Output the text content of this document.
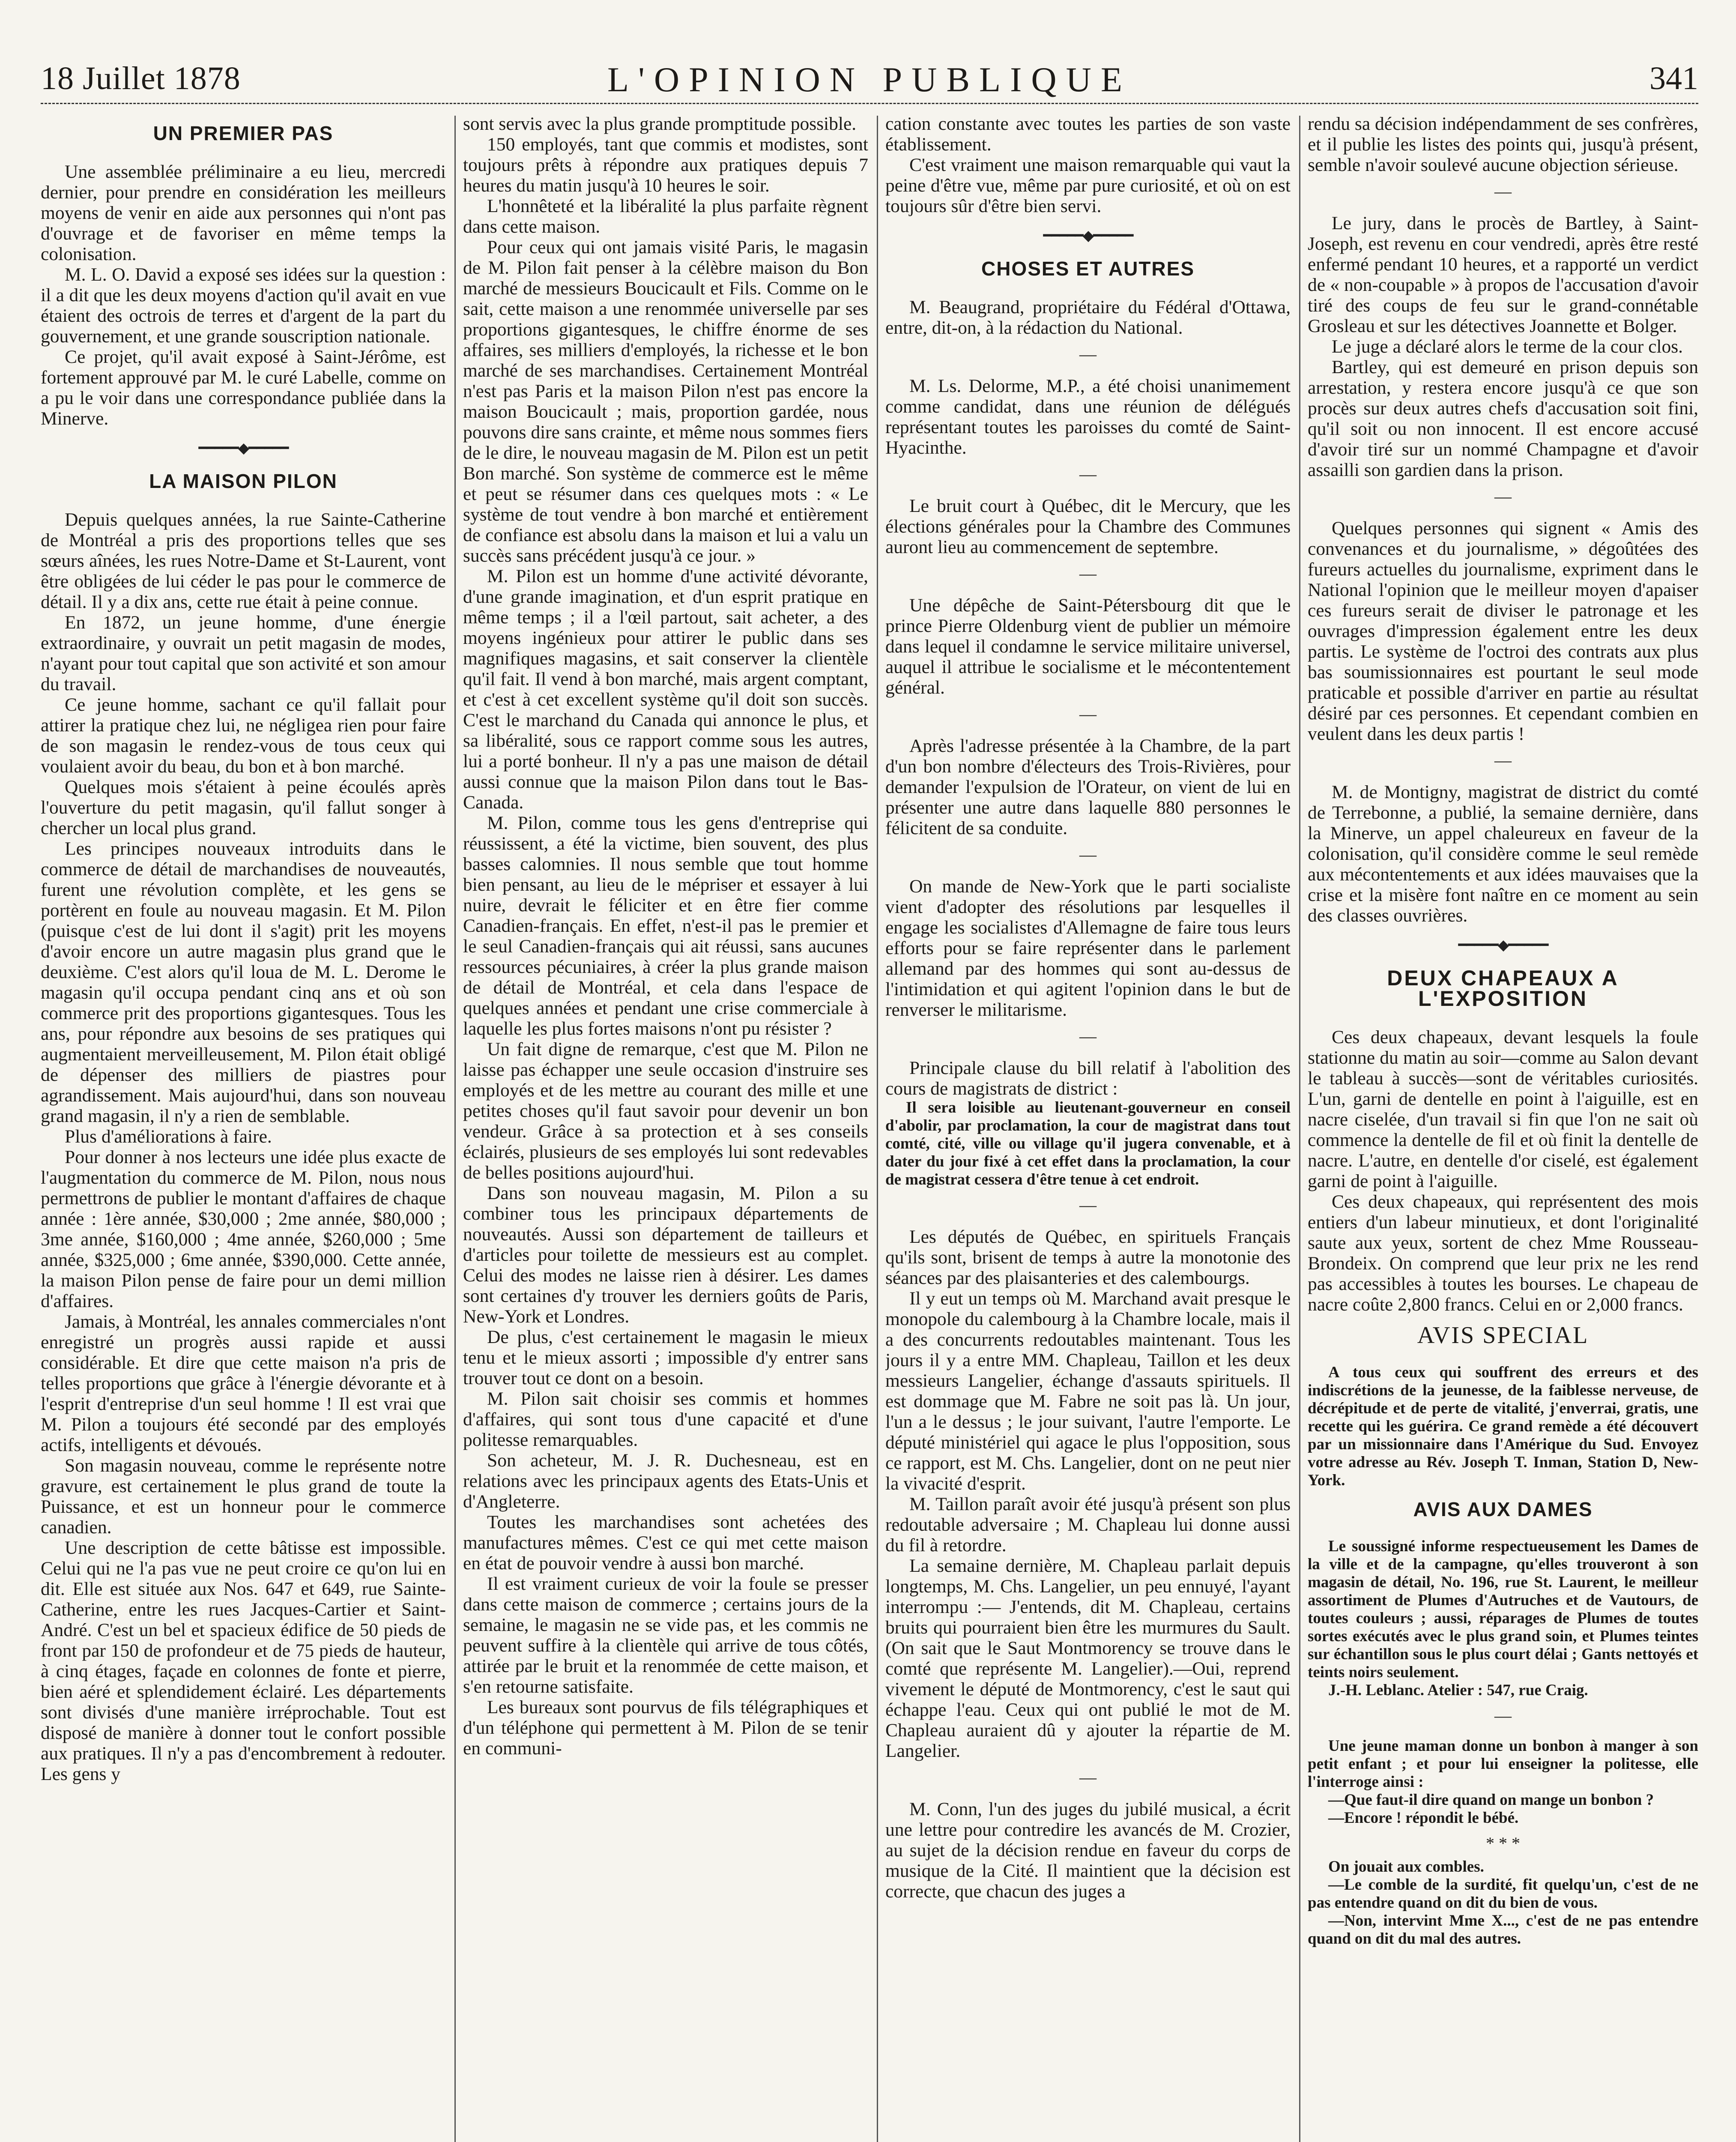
18 Juillet 1878	L'OPINION PUBLIQUE	341
UN PREMIER PAS

Une assemblée préliminaire a eu lieu, mercredi dernier, pour prendre en considération les meilleurs moyens de venir en aide aux personnes qui n'ont pas d'ouvrage et de favoriser en même temps la colonisation.

M. L. O. David a exposé ses idées sur la question : il a dit que les deux moyens d'action qu'il avait en vue étaient des octrois de terres et d'argent de la part du gouvernement, et une grande souscription nationale.

Ce projet, qu'il avait exposé à Saint-Jérôme, est fortement approuvé par M. le curé Labelle, comme on a pu le voir dans une correspondance publiée dans la Minerve.

━━━━━◆━━━━━
LA MAISON PILON

Depuis quelques années, la rue Sainte-Catherine de Montréal a pris des proportions telles que ses sœurs aînées, les rues Notre-Dame et St-Laurent, vont être obligées de lui céder le pas pour le commerce de détail. Il y a dix ans, cette rue était à peine connue.

En 1872, un jeune homme, d'une énergie extraordinaire, y ouvrait un petit magasin de modes, n'ayant pour tout capital que son activité et son amour du travail.

Ce jeune homme, sachant ce qu'il fallait pour attirer la pratique chez lui, ne négligea rien pour faire de son magasin le rendez-vous de tous ceux qui voulaient avoir du beau, du bon et à bon marché.

Quelques mois s'étaient à peine écoulés après l'ouverture du petit magasin, qu'il fallut songer à chercher un local plus grand.

Les principes nouveaux introduits dans le commerce de détail de marchandises de nouveautés, furent une révolution complète, et les gens se portèrent en foule au nouveau magasin. Et M. Pilon (puisque c'est de lui dont il s'agit) prit les moyens d'avoir encore un autre magasin plus grand que le deuxième. C'est alors qu'il loua de M. L. Derome le magasin qu'il occupa pendant cinq ans et où son commerce prit des proportions gigantesques. Tous les ans, pour répondre aux besoins de ses pratiques qui augmentaient merveilleusement, M. Pilon était obligé de dépenser des milliers de piastres pour agrandissement. Mais aujourd'hui, dans son nouveau grand magasin, il n'y a rien de semblable.

Plus d'améliorations à faire.

Pour donner à nos lecteurs une idée plus exacte de l'augmentation du commerce de M. Pilon, nous nous permettrons de publier le montant d'affaires de chaque année : 1ère année, $30,000 ; 2me année, $80,000 ; 3me année, $160,000 ; 4me année, $260,000 ; 5me année, $325,000 ; 6me année, $390,000. Cette année, la maison Pilon pense de faire pour un demi million d'affaires.

Jamais, à Montréal, les annales commerciales n'ont enregistré un progrès aussi rapide et aussi considérable. Et dire que cette maison n'a pris de telles proportions que grâce à l'énergie dévorante et à l'esprit d'entreprise d'un seul homme ! Il est vrai que M. Pilon a toujours été secondé par des employés actifs, intelligents et dévoués.

Son magasin nouveau, comme le représente notre gravure, est certainement le plus grand de toute la Puissance, et est un honneur pour le commerce canadien.

Une description de cette bâtisse est impossible. Celui qui ne l'a pas vue ne peut croire ce qu'on lui en dit. Elle est située aux Nos. 647 et 649, rue Sainte-Catherine, entre les rues Jacques-Cartier et Saint-André. C'est un bel et spacieux édifice de 50 pieds de front par 150 de profondeur et de 75 pieds de hauteur, à cinq étages, façade en colonnes de fonte et pierre, bien aéré et splendidement éclairé. Les départements sont divisés d'une manière irréprochable. Tout est disposé de manière à donner tout le confort possible aux pratiques. Il n'y a pas d'encombrement à redouter. Les gens y

sont servis avec la plus grande promptitude possible.

150 employés, tant que commis et modistes, sont toujours prêts à répondre aux pratiques depuis 7 heures du matin jusqu'à 10 heures le soir.

L'honnêteté et la libéralité la plus parfaite règnent dans cette maison.

Pour ceux qui ont jamais visité Paris, le magasin de M. Pilon fait penser à la célèbre maison du Bon marché de messieurs Boucicault et Fils. Comme on le sait, cette maison a une renommée universelle par ses proportions gigantesques, le chiffre énorme de ses affaires, ses milliers d'employés, la richesse et le bon marché de ses marchandises. Certainement Montréal n'est pas Paris et la maison Pilon n'est pas encore la maison Boucicault ; mais, proportion gardée, nous pouvons dire sans crainte, et même nous sommes fiers de le dire, le nouveau magasin de M. Pilon est un petit Bon marché. Son système de commerce est le même et peut se résumer dans ces quelques mots : « Le système de tout vendre à bon marché et entièrement de confiance est absolu dans la maison et lui a valu un succès sans précédent jusqu'à ce jour. »

M. Pilon est un homme d'une activité dévorante, d'une grande imagination, et d'un esprit pratique en même temps ; il a l'œil partout, sait acheter, a des moyens ingénieux pour attirer le public dans ses magnifiques magasins, et sait conserver la clientèle qu'il fait. Il vend à bon marché, mais argent comptant, et c'est à cet excellent système qu'il doit son succès. C'est le marchand du Canada qui annonce le plus, et sa libéralité, sous ce rapport comme sous les autres, lui a porté bonheur. Il n'y a pas une maison de détail aussi connue que la maison Pilon dans tout le Bas-Canada.

M. Pilon, comme tous les gens d'entreprise qui réussissent, a été la victime, bien souvent, des plus basses calomnies. Il nous semble que tout homme bien pensant, au lieu de le mépriser et essayer à lui nuire, devrait le féliciter et en être fier comme Canadien-français. En effet, n'est-il pas le premier et le seul Canadien-français qui ait réussi, sans aucunes ressources pécuniaires, à créer la plus grande maison de détail de Montréal, et cela dans l'espace de quelques années et pendant une crise commerciale à laquelle les plus fortes maisons n'ont pu résister ?

Un fait digne de remarque, c'est que M. Pilon ne laisse pas échapper une seule occasion d'instruire ses employés et de les mettre au courant des mille et une petites choses qu'il faut savoir pour devenir un bon vendeur. Grâce à sa protection et à ses conseils éclairés, plusieurs de ses employés lui sont redevables de belles positions aujourd'hui.

Dans son nouveau magasin, M. Pilon a su combiner tous les principaux départements de nouveautés. Aussi son département de tailleurs et d'articles pour toilette de messieurs est au complet. Celui des modes ne laisse rien à désirer. Les dames sont certaines d'y trouver les derniers goûts de Paris, New-York et Londres.

De plus, c'est certainement le magasin le mieux tenu et le mieux assorti ; impossible d'y entrer sans trouver tout ce dont on a besoin.

M. Pilon sait choisir ses commis et hommes d'affaires, qui sont tous d'une capacité et d'une politesse remarquables.

Son acheteur, M. J. R. Duchesneau, est en relations avec les principaux agents des Etats-Unis et d'Angleterre.

Toutes les marchandises sont achetées des manufactures mêmes. C'est ce qui met cette maison en état de pouvoir vendre à aussi bon marché.

Il est vraiment curieux de voir la foule se presser dans cette maison de commerce ; certains jours de la semaine, le magasin ne se vide pas, et les commis ne peuvent suffire à la clientèle qui arrive de tous côtés, attirée par le bruit et la renommée de cette maison, et s'en retourne satisfaite.

Les bureaux sont pourvus de fils télégraphiques et d'un téléphone qui permettent à M. Pilon de se tenir en communi-

cation constante avec toutes les parties de son vaste établissement.

C'est vraiment une maison remarquable qui vaut la peine d'être vue, même par pure curiosité, et où on est toujours sûr d'être bien servi.

━━━━━◆━━━━━
CHOSES ET AUTRES

M. Beaugrand, propriétaire du Fédéral d'Ottawa, entre, dit-on, à la rédaction du National.

—

M. Ls. Delorme, M.P., a été choisi unanimement comme candidat, dans une réunion de délégués représentant toutes les paroisses du comté de Saint-Hyacinthe.

—

Le bruit court à Québec, dit le Mercury, que les élections générales pour la Chambre des Communes auront lieu au commencement de septembre.

—

Une dépêche de Saint-Pétersbourg dit que le prince Pierre Oldenburg vient de publier un mémoire dans lequel il condamne le service militaire universel, auquel il attribue le socialisme et le mécontentement général.

—

Après l'adresse présentée à la Chambre, de la part d'un bon nombre d'électeurs des Trois-Rivières, pour demander l'expulsion de l'Orateur, on vient de lui en présenter une autre dans laquelle 880 personnes le félicitent de sa conduite.

—

On mande de New-York que le parti socialiste vient d'adopter des résolutions par lesquelles il engage les socialistes d'Allemagne de faire tous leurs efforts pour se faire représenter dans le parlement allemand par des hommes qui sont au-dessus de l'intimidation et qui agitent l'opinion dans le but de renverser le militarisme.

—

Principale clause du bill relatif à l'abolition des cours de magistrats de district :

Il sera loisible au lieutenant-gouverneur en conseil d'abolir, par proclamation, la cour de magistrat dans tout comté, cité, ville ou village qu'il jugera convenable, et à dater du jour fixé à cet effet dans la proclamation, la cour de magistrat cessera d'être tenue à cet endroit.

—

Les députés de Québec, en spirituels Français qu'ils sont, brisent de temps à autre la monotonie des séances par des plaisanteries et des calembourgs.

Il y eut un temps où M. Marchand avait presque le monopole du calembourg à la Chambre locale, mais il a des concurrents redoutables maintenant. Tous les jours il y a entre MM. Chapleau, Taillon et les deux messieurs Langelier, échange d'assauts spirituels. Il est dommage que M. Fabre ne soit pas là. Un jour, l'un a le dessus ; le jour suivant, l'autre l'emporte. Le député ministériel qui agace le plus l'opposition, sous ce rapport, est M. Chs. Langelier, dont on ne peut nier la vivacité d'esprit.

M. Taillon paraît avoir été jusqu'à présent son plus redoutable adversaire ; M. Chapleau lui donne aussi du fil à retordre.

La semaine dernière, M. Chapleau parlait depuis longtemps, M. Chs. Langelier, un peu ennuyé, l'ayant interrompu :— J'entends, dit M. Chapleau, certains bruits qui pourraient bien être les murmures du Sault. (On sait que le Saut Montmorency se trouve dans le comté que représente M. Langelier).—Oui, reprend vivement le député de Montmorency, c'est le saut qui échappe l'eau. Ceux qui ont publié le mot de M. Chapleau auraient dû y ajouter la répartie de M. Langelier.

—

M. Conn, l'un des juges du jubilé musical, a écrit une lettre pour contredire les avancés de M. Crozier, au sujet de la décision rendue en faveur du corps de musique de la Cité. Il maintient que la décision est correcte, que chacun des juges a

rendu sa décision indépendamment de ses confrères, et il publie les listes des points qui, jusqu'à présent, semble n'avoir soulevé aucune objection sérieuse.

—

Le jury, dans le procès de Bartley, à Saint-Joseph, est revenu en cour vendredi, après être resté enfermé pendant 10 heures, et a rapporté un verdict de « non-coupable » à propos de l'accusation d'avoir tiré des coups de feu sur le grand-connétable Grosleau et sur les détectives Joannette et Bolger.

Le juge a déclaré alors le terme de la cour clos.

Bartley, qui est demeuré en prison depuis son arrestation, y restera encore jusqu'à ce que son procès sur deux autres chefs d'accusation soit fini, qu'il soit ou non innocent. Il est encore accusé d'avoir tiré sur un nommé Champagne et d'avoir assailli son gardien dans la prison.

—

Quelques personnes qui signent « Amis des convenances et du journalisme, » dégoûtées des fureurs actuelles du journalisme, expriment dans le National l'opinion que le meilleur moyen d'apaiser ces fureurs serait de diviser le patronage et les ouvrages d'impression également entre les deux partis. Le système de l'octroi des contrats aux plus bas soumissionnaires est pourtant le seul mode praticable et possible d'arriver en partie au résultat désiré par ces personnes. Et cependant combien en veulent dans les deux partis !

—

M. de Montigny, magistrat de district du comté de Terrebonne, a publié, la semaine dernière, dans la Minerve, un appel chaleureux en faveur de la colonisation, qu'il considère comme le seul remède aux mécontentements et aux idées mauvaises que la crise et la misère font naître en ce moment au sein des classes ouvrières.

━━━━━◆━━━━━
DEUX CHAPEAUX A L'EXPOSITION

Ces deux chapeaux, devant lesquels la foule stationne du matin au soir—comme au Salon devant le tableau à succès—sont de véritables curiosités. L'un, garni de dentelle en point à l'aiguille, est en nacre ciselée, d'un travail si fin que l'on ne sait où commence la dentelle de fil et où finit la dentelle de nacre. L'autre, en dentelle d'or ciselé, est également garni de point à l'aiguille.

Ces deux chapeaux, qui représentent des mois entiers d'un labeur minutieux, et dont l'originalité saute aux yeux, sortent de chez Mme Rousseau-Brondeix. On comprend que leur prix ne les rend pas accessibles à toutes les bourses. Le chapeau de nacre coûte 2,800 francs. Celui en or 2,000 francs.

AVIS SPECIAL

A tous ceux qui souffrent des erreurs et des indiscrétions de la jeunesse, de la faiblesse nerveuse, de décrépitude et de perte de vitalité, j'enverrai, gratis, une recette qui les guérira. Ce grand remède a été découvert par un missionnaire dans l'Amérique du Sud. Envoyez votre adresse au Rév. Joseph T. Inman, Station D, New-York.

AVIS AUX DAMES

Le soussigné informe respectueusement les Dames de la ville et de la campagne, qu'elles trouveront à son magasin de détail, No. 196, rue St. Laurent, le meilleur assortiment de Plumes d'Autruches et de Vautours, de toutes couleurs ; aussi, réparages de Plumes de toutes sortes exécutés avec le plus grand soin, et Plumes teintes sur échantillon sous le plus court délai ; Gants nettoyés et teints noirs seulement.

J.-H. Leblanc. Atelier : 547, rue Craig.

—

Une jeune maman donne un bonbon à manger à son petit enfant ; et pour lui enseigner la politesse, elle l'interroge ainsi :

—Que faut-il dire quand on mange un bonbon ?

—Encore ! répondit le bébé.

* * *

On jouait aux combles.

—Le comble de la surdité, fit quelqu'un, c'est de ne pas entendre quand on dit du bien de vous.

—Non, intervint Mme X..., c'est de ne pas entendre quand on dit du mal des autres.
